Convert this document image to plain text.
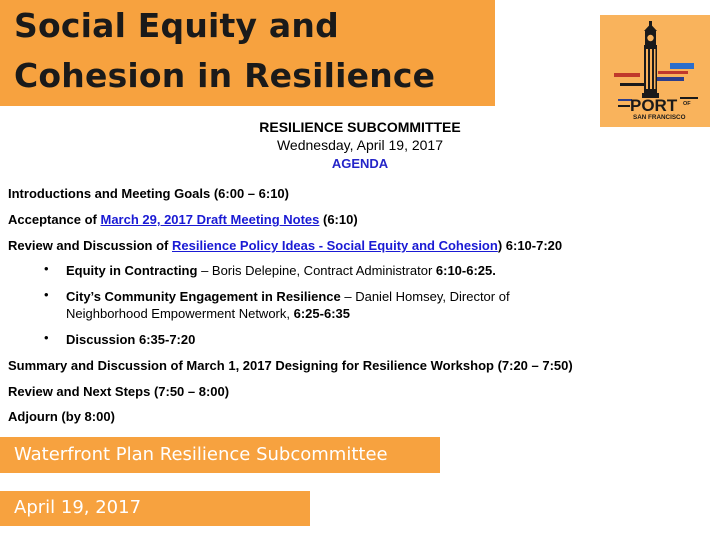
Social Equity and
Cohesion in Resilience
PORT OF
SAN FRANCISCO
RESILIENCE SUBCOMMITTEE
Wednesday, April 19, 2017
AGENDA
Introductions and Meeting Goals (6:00 – 6:10)
Acceptance of March 29, 2017 Draft Meeting Notes (6:10)
Review and Discussion of Resilience Policy Ideas - Social Equity and Cohesion) 6:10-7:20
• Equity in Contracting – Boris Delepine, Contract Administrator 6:10-6:25.
• City’s Community Engagement in Resilience – Daniel Homsey, Director of
Neighborhood Empowerment Network, 6:25-6:35
• Discussion 6:35-7:20
Summary and Discussion of March 1, 2017 Designing for Resilience Workshop (7:20 – 7:50)
Review and Next Steps (7:50 – 8:00)
Adjourn (by 8:00)
Waterfront Plan Resilience Subcommittee
April 19, 2017
